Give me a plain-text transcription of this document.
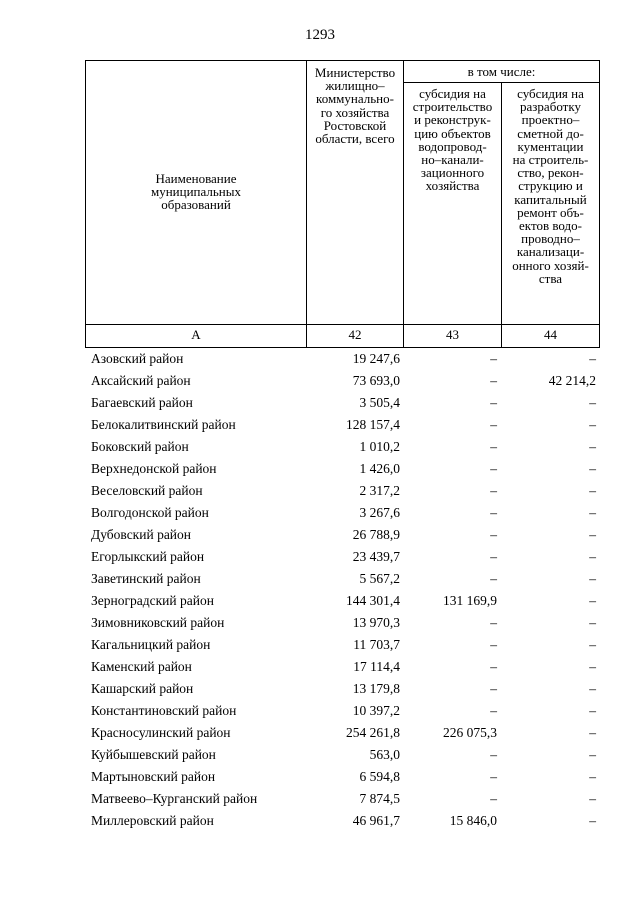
1293
Наименование
муниципальных
образований
Министерство
жилищно–
коммунально-
го хозяйства
Ростовской
области, всего
в том числе:
субсидия на
строительство
и реконструк-
цию объектов
водопровод-
но–канали-
зационного
хозяйства
субсидия на
разработку
проектно–
сметной до-
кументации
на строитель-
ство, рекон-
струкцию и
капитальный
ремонт объ-
ектов водо-
проводно–
канализаци-
онного хозяй-
ства
А	42	43	44
Азовский район	19 247,6	–	–
Аксайский район	73 693,0	–	42 214,2
Багаевский район	3 505,4	–	–
Белокалитвинский район	128 157,4	–	–
Боковский район	1 010,2	–	–
Верхнедонской район	1 426,0	–	–
Веселовский район	2 317,2	–	–
Волгодонской район	3 267,6	–	–
Дубовский район	26 788,9	–	–
Егорлыкский район	23 439,7	–	–
Заветинский район	5 567,2	–	–
Зерноградский район	144 301,4	131 169,9	–
Зимовниковский район	13 970,3	–	–
Кагальницкий район	11 703,7	–	–
Каменский район	17 114,4	–	–
Кашарский район	13 179,8	–	–
Константиновский район	10 397,2	–	–
Красносулинский район	254 261,8	226 075,3	–
Куйбышевский район	563,0	–	–
Мартыновский район	6 594,8	–	–
Матвеево–Курганский район	7 874,5	–	–
Миллеровский район	46 961,7	15 846,0	–
